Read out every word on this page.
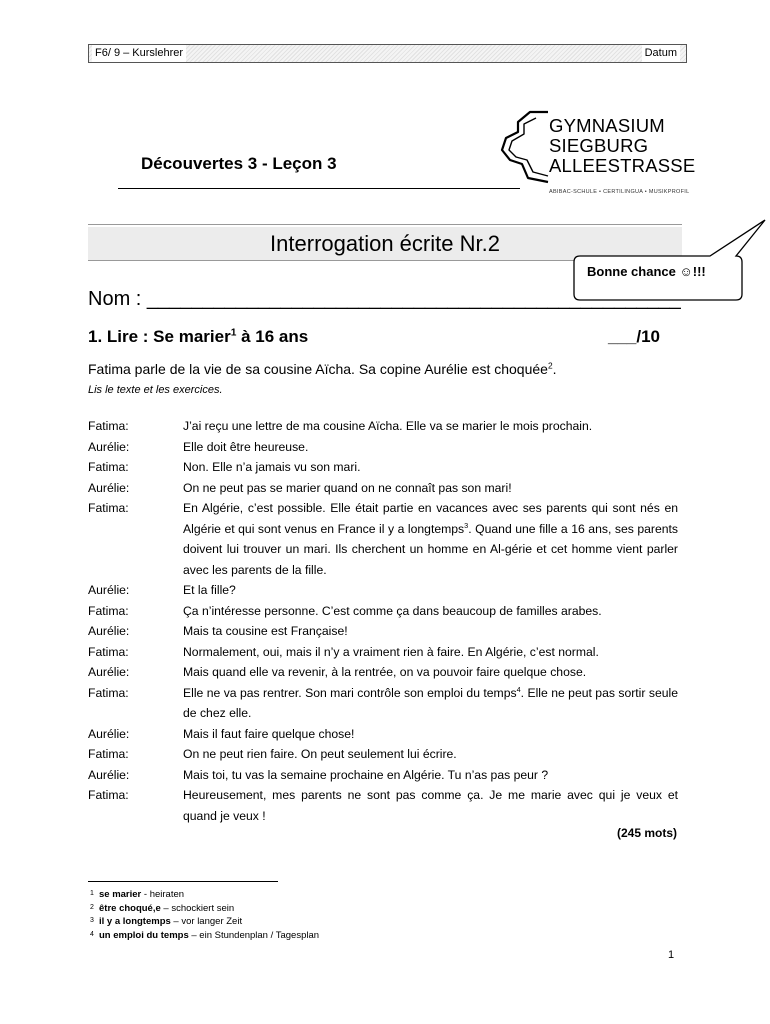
F6/ 9 – Kurslehrer	Datum
Découvertes 3 - Leçon 3
GYMNASIUM
SIEGBURG
ALLEESTRASSE
ABIBAC-SCHULE • CERTILINGUA • MUSIKPROFIL
Interrogation écrite Nr.2
Bonne chance ☺!!!
Nom : ________________________________________________
1. Lire : Se marier$^1$ à 16 ans	___/10
Fatima parle de la vie de sa cousine Aïcha. Sa copine Aurélie est choquée$^2$.
Lis le texte et les exercices.
Fatima:	J’ai reçu une lettre de ma cousine Aïcha. Elle va se marier le mois prochain.
Aurélie:	Elle doit être heureuse.
Fatima:	Non. Elle n’a jamais vu son mari.
Aurélie:	On ne peut pas se marier quand on ne connaît pas son mari!
Fatima:	En Algérie, c’est possible. Elle était partie en vacances avec ses parents qui sont nés en Algérie et qui sont venus en France il y a longtemps$^3$. Quand une fille a 16 ans, ses parents doivent lui trouver un mari. Ils cherchent un homme en Al-gérie et cet homme vient parler avec les parents de la fille.
Aurélie:	Et la fille?
Fatima:	Ça n’intéresse personne. C’est comme ça dans beaucoup de familles arabes.
Aurélie:	Mais ta cousine est Française!
Fatima:	Normalement, oui, mais il n’y a vraiment rien à faire. En Algérie, c’est normal.
Aurélie:	Mais quand elle va revenir, à la rentrée, on va pouvoir faire quelque chose.
Fatima:	Elle ne va pas rentrer. Son mari contrôle son emploi du temps$^4$. Elle ne peut pas sortir seule de chez elle.
Aurélie:	Mais il faut faire quelque chose!
Fatima:	On ne peut rien faire. On peut seulement lui écrire.
Aurélie:	Mais toi, tu vas la semaine prochaine en Algérie. Tu n’as pas peur ?
Fatima:	Heureusement, mes parents ne sont pas comme ça. Je me marie avec qui je veux et quand je veux !
(245 mots)
1 se marier - heiraten
2 être choqué,e – schockiert sein
3 il y a longtemps – vor langer Zeit
4 un emploi du temps – ein Stundenplan / Tagesplan
1
